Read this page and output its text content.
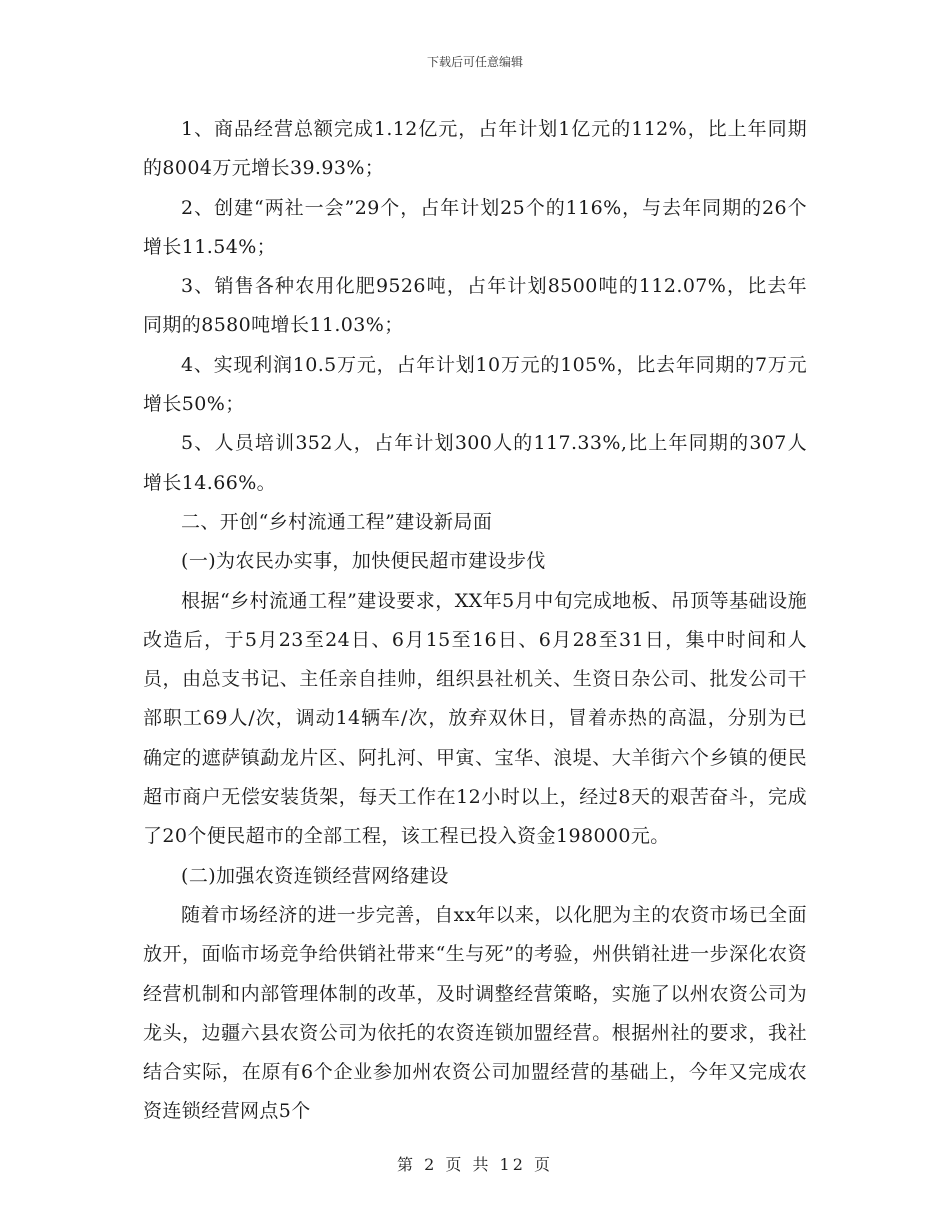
下载后可任意编辑

1、商品经营总额完成1.12亿元，占年计划1亿元的112%，比上年同期的8004万元增长39.93%；

2、创建“两社一会”29个，占年计划25个的116%，与去年同期的26个增长11.54%；

3、销售各种农用化肥9526吨，占年计划8500吨的112.07%，比去年同期的8580吨增长11.03%；

4、实现利润10.5万元，占年计划10万元的105%，比去年同期的7万元增长50%；

5、人员培训352人，占年计划300人的117.33%,比上年同期的307人增长14.66%。

二、开创“乡村流通工程”建设新局面

(一)为农民办实事，加快便民超市建设步伐

根据“乡村流通工程”建设要求，XX年5月中旬完成地板、吊顶等基础设施改造后，于5月23至24日、6月15至16日、6月28至31日，集中时间和人员，由总支书记、主任亲自挂帅，组织县社机关、生资日杂公司、批发公司干部职工69人/次，调动14辆车/次，放弃双休日，冒着赤热的高温，分别为已确定的遮萨镇勐龙片区、阿扎河、甲寅、宝华、浪堤、大羊街六个乡镇的便民超市商户无偿安装货架，每天工作在12小时以上，经过8天的艰苦奋斗，完成了20个便民超市的全部工程，该工程已投入资金198000元。

(二)加强农资连锁经营网络建设

随着市场经济的进一步完善，自xx年以来，以化肥为主的农资市场已全面放开，面临市场竞争给供销社带来“生与死”的考验，州供销社进一步深化农资经营机制和内部管理体制的改革，及时调整经营策略，实施了以州农资公司为龙头，边疆六县农资公司为依托的农资连锁加盟经营。根据州社的要求，我社结合实际，在原有6个企业参加州农资公司加盟经营的基础上，今年又完成农资连锁经营网点5个

第 2 页 共 12 页
